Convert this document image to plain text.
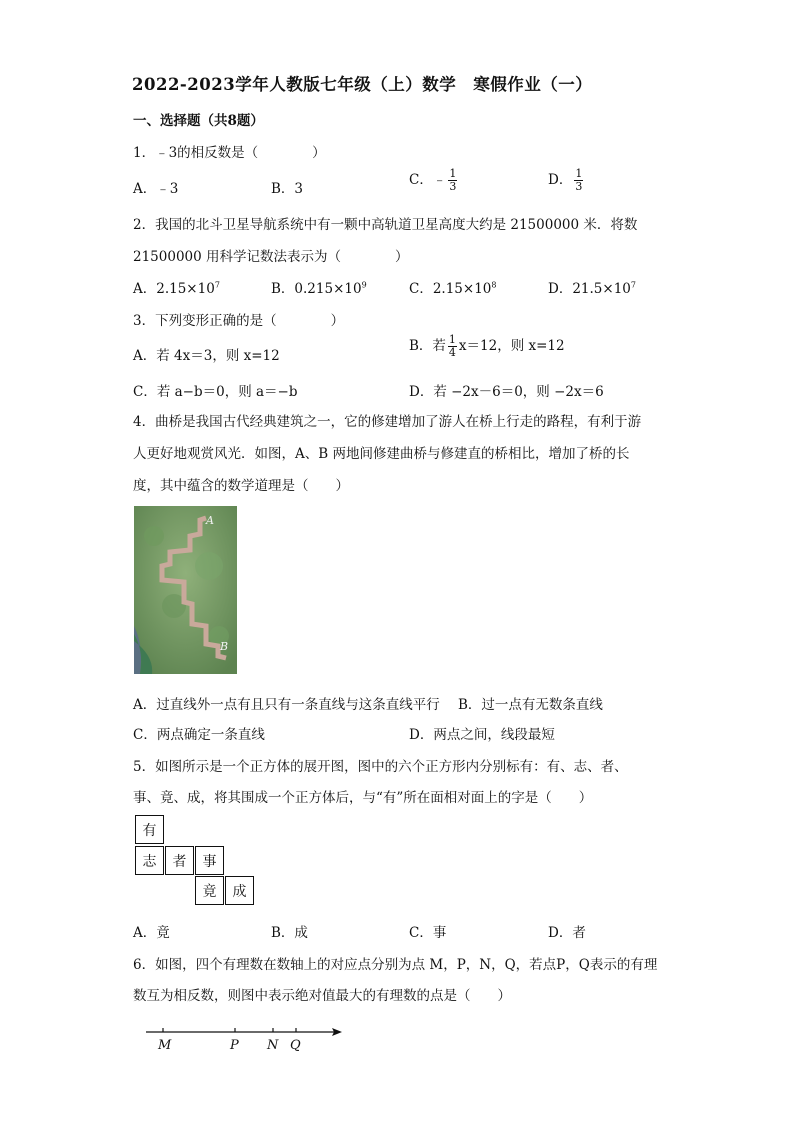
2022-2023学年人教版七年级（上）数学　寒假作业（一）
一、选择题（共8题）
1．﹣3的相反数是（　　　　）
A．﹣3	B．3
C．﹣ $\frac{1}{3}$	D． $\frac{1}{3}$
2．我国的北斗卫星导航系统中有一颗中高轨道卫星高度大约是 21500000 米．将数
21500000 用科学记数法表示为（　　　　）
A．$2.15\times 10^7$	B．$0.215\times 10^9$	C．$2.15\times 10^8$	D．$21.5\times 10^7$
3．下列变形正确的是（　　　　）
A．若 4x＝3，则 x=12
B．若 $\frac{1}{4} x=12$，则 x=12
C．若 a−b＝0，则 a＝−b	D．若 −2x－6＝0，则 −2x＝6
4．曲桥是我国古代经典建筑之一，它的修建增加了游人在桥上行走的路程，有利于游
人更好地观赏风光．如图，A、B 两地间修建曲桥与修建直的桥相比，增加了桥的长
度，其中蕴含的数学道理是（　　）
A
B
A．过直线外一点有且只有一条直线与这条直线平行 B．过一点有无数条直线
C．两点确定一条直线	D．两点之间，线段最短
5．如图所示是一个正方体的展开图，图中的六个正方形内分别标有：有、志、者、
事、竟、成，将其围成一个正方体后，与“有”所在面相对面上的字是（　　）
有
志	者	事
竟	成
A．竟	B．成	C．事	D．者
6．如图，四个有理数在数轴上的对应点分别为点 M，P，N，Q，若点P，Q表示的有理
数互为相反数，则图中表示绝对值最大的有理数的点是（　　）
M	P N Q
